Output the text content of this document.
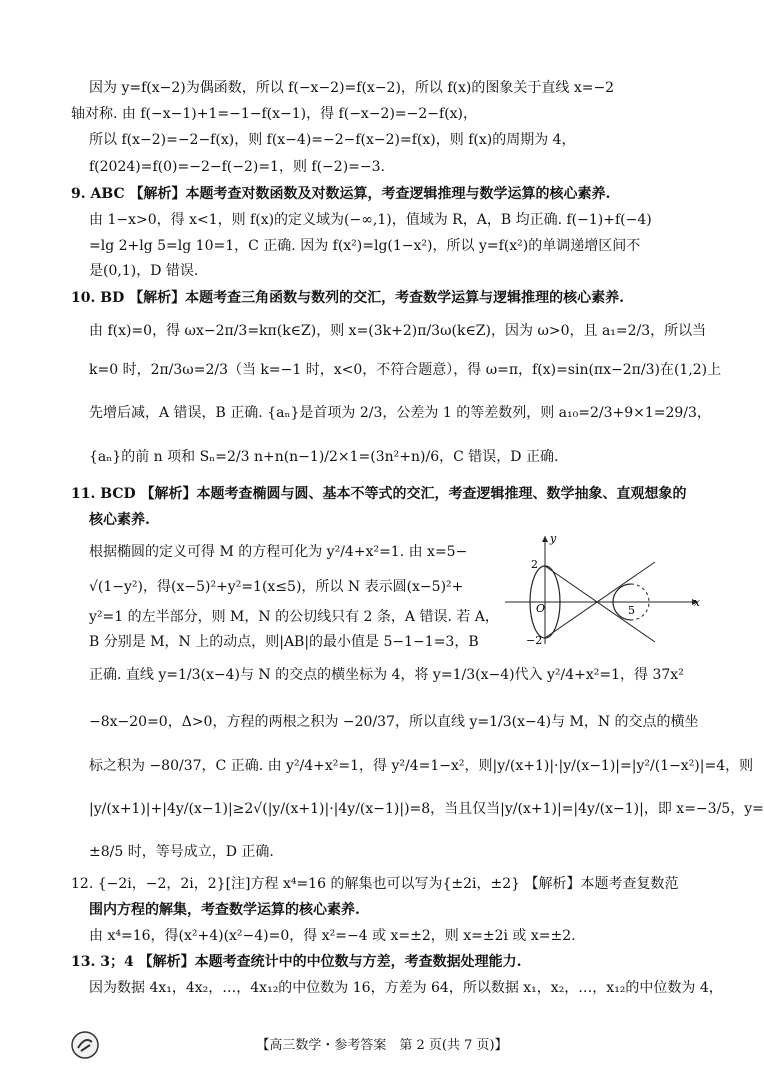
因为 y=f(x−2)为偶函数，所以 f(−x−2)=f(x−2)，所以 f(x)的图象关于直线 x=−2
轴对称. 由 f(−x−1)+1=−1−f(x−1)，得 f(−x−2)=−2−f(x)，
所以 f(x−2)=−2−f(x)，则 f(x−4)=−2−f(x−2)=f(x)，则 f(x)的周期为 4，
f(2024)=f(0)=−2−f(−2)=1，则 f(−2)=−3.
9. ABC 【解析】本题考查对数函数及对数运算，考查逻辑推理与数学运算的核心素养.
由 1−x>0，得 x<1，则 f(x)的定义域为(−∞,1)，值域为 R，A，B 均正确. f(−1)+f(−4)
=lg 2+lg 5=lg 10=1，C 正确. 因为 f(x²)=lg(1−x²)，所以 y=f(x²)的单调递增区间不
是(0,1)，D 错误.
10. BD 【解析】本题考查三角函数与数列的交汇，考查数学运算与逻辑推理的核心素养.
由 f(x)=0，得 ωx−2π/3=kπ(k∈Z)，则 x=(3k+2)π/3ω(k∈Z)，因为 ω>0，且 a₁=2/3，所以当
k=0 时，2π/3ω=2/3（当 k=−1 时，x<0，不符合题意），得 ω=π，f(x)=sin(πx−2π/3)在(1,2)上
先增后减，A 错误，B 正确. {aₙ}是首项为 2/3，公差为 1 的等差数列，则 a₁₀=2/3+9×1=29/3，
{aₙ}的前 n 项和 Sₙ=2/3 n+n(n−1)/2×1=(3n²+n)/6，C 错误，D 正确.
11. BCD 【解析】本题考查椭圆与圆、基本不等式的交汇，考查逻辑推理、数学抽象、直观想象的
核心素养.
根据椭圆的定义可得 M 的方程可化为 y²/4+x²=1. 由 x=5−
√(1−y²)，得(x−5)²+y²=1(x≤5)，所以 N 表示圆(x−5)²+
y²=1 的左半部分，则 M，N 的公切线只有 2 条，A 错误. 若 A，
B 分别是 M，N 上的动点，则|AB|的最小值是 5−1−1=3，B
正确. 直线 y=1/3(x−4)与 N 的交点的横坐标为 4，将 y=1/3(x−4)代入 y²/4+x²=1，得 37x²
−8x−20=0，Δ>0，方程的两根之积为 −20/37，所以直线 y=1/3(x−4)与 M，N 的交点的横坐
标之积为 −80/37，C 正确. 由 y²/4+x²=1，得 y²/4=1−x²，则|y/(x+1)|·|y/(x−1)|=|y²/(1−x²)|=4，则
|y/(x+1)|+|4y/(x−1)|≥2√(|y/(x+1)|·|4y/(x−1)|)=8，当且仅当|y/(x+1)|=|4y/(x−1)|，即 x=−3/5，y=
±8/5 时，等号成立，D 正确.
12. {−2i，−2，2i，2}[注]方程 x⁴=16 的解集也可以写为{±2i，±2} 【解析】本题考查复数范
围内方程的解集，考查数学运算的核心素养.
由 x⁴=16，得(x²+4)(x²−4)=0，得 x²=−4 或 x=±2，则 x=±2i 或 x=±2.
13. 3；4 【解析】本题考查统计中的中位数与方差，考查数据处理能力.
因为数据 4x₁，4x₂，…，4x₁₂的中位数为 16，方差为 64，所以数据 x₁，x₂，…，x₁₂的中位数为 4，
x
y
O
2
−2
5
【高三数学・参考答案　第 2 页(共 7 页)】
